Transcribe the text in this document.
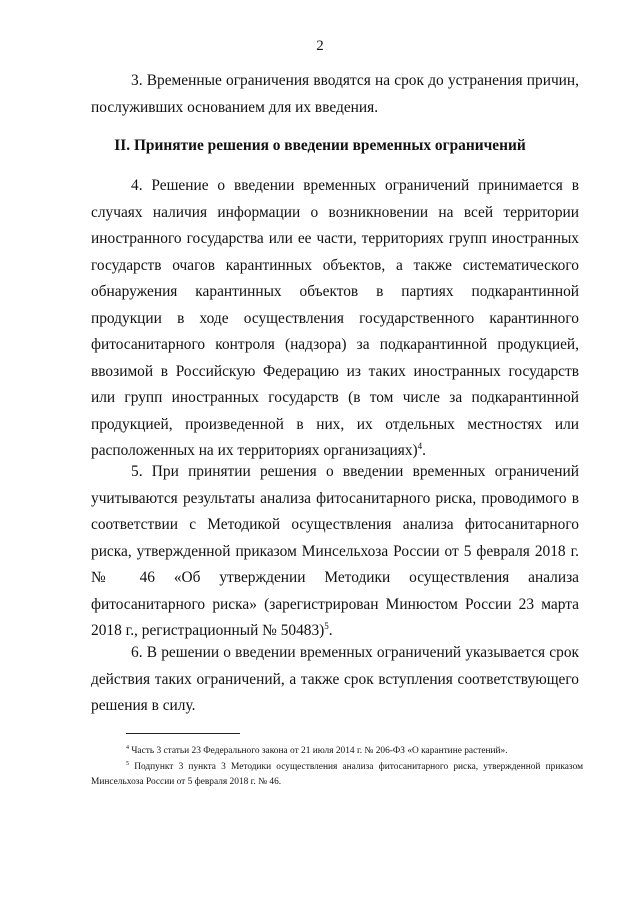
2

3. Временные ограничения вводятся на срок до устранения причин, послуживших основанием для их введения.

II. Принятие решения о введении временных ограничений

4. Решение о введении временных ограничений принимается в случаях наличия информации о возникновении на всей территории иностранного государства или ее части, территориях групп иностранных государств очагов карантинных объектов, а также систематического обнаружения карантинных объектов в партиях подкарантинной продукции в ходе осуществления государственного карантинного фитосанитарного контроля (надзора) за подкарантинной продукцией, ввозимой в Российскую Федерацию из таких иностранных государств или групп иностранных государств (в том числе за подкарантинной продукцией, произведенной в них, их отдельных местностях или расположенных на их территориях организациях)$^4$.

5. При принятии решения о введении временных ограничений учитываются результаты анализа фитосанитарного риска, проводимого в соответствии с Методикой осуществления анализа фитосанитарного риска, утвержденной приказом Минсельхоза России от 5 февраля 2018 г. № 46 «Об утверждении Методики осуществления анализа фитосанитарного риска» (зарегистрирован Минюстом России 23 марта 2018 г., регистрационный № 50483)$^5$.

6. В решении о введении временных ограничений указывается срок действия таких ограничений, а также срок вступления соответствующего решения в силу.

$^4$ Часть 3 статьи 23 Федерального закона от 21 июля 2014 г. № 206-ФЗ «О карантине растений».
$^5$ Подпункт 3 пункта 3 Методики осуществления анализа фитосанитарного риска, утвержденной приказом Минсельхоза России от 5 февраля 2018 г. № 46.
